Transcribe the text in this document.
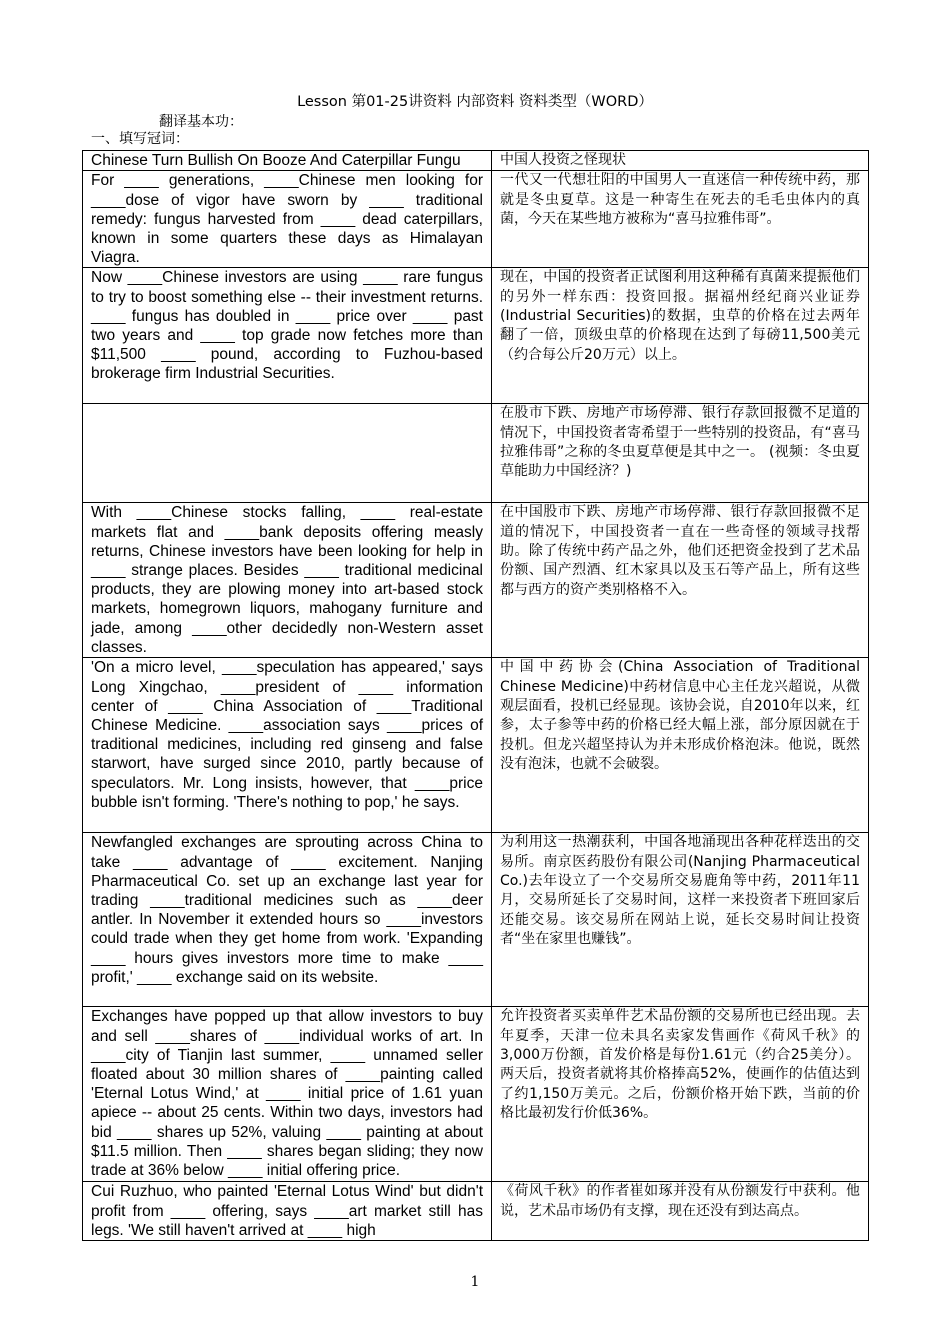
Lesson 第01-25讲资料 内部资料 资料类型（WORD）
翻译基本功：
一、填写冠词：
Chinese Turn Bullish On Booze And Caterpillar Fungu	中国人投资之怪现状
For ____ generations, ____Chinese men looking for ____dose of vigor have sworn by ____ traditional remedy: fungus harvested from ____ dead caterpillars, known in some quarters these days as Himalayan Viagra.	一代又一代想壮阳的中国男人一直迷信一种传统中药，那就是冬虫夏草。这是一种寄生在死去的毛毛虫体内的真菌，今天在某些地方被称为“喜马拉雅伟哥”。
Now ____Chinese investors are using ____ rare fungus to try to boost something else -- their investment returns. ____ fungus has doubled in ____ price over ____ past two years and ____ top grade now fetches more than $11,500 ____ pound, according to Fuzhou-based brokerage firm Industrial Securities.	现在，中国的投资者正试图利用这种稀有真菌来提振他们的另外一样东西：投资回报。据福州经纪商兴业证券(Industrial Securities)的数据，虫草的价格在过去两年翻了一倍，顶级虫草的价格现在达到了每磅11,500美元（约合每公斤20万元）以上。
	在股市下跌、房地产市场停滞、银行存款回报微不足道的情况下，中国投资者寄希望于一些特别的投资品，有“喜马拉雅伟哥”之称的冬虫夏草便是其中之一。 (视频：冬虫夏草能助力中国经济？)
With ____Chinese stocks falling, ____ real-estate markets flat and ____bank deposits offering measly returns, Chinese investors have been looking for help in ____ strange places. Besides ____ traditional medicinal products, they are plowing money into art-based stock markets, homegrown liquors, mahogany furniture and jade, among ____other decidedly non-Western asset classes.	在中国股市下跌、房地产市场停滞、银行存款回报微不足道的情况下，中国投资者一直在一些奇怪的领域寻找帮助。除了传统中药产品之外，他们还把资金投到了艺术品份额、国产烈酒、红木家具以及玉石等产品上，所有这些都与西方的资产类别格格不入。
'On a micro level, ____speculation has appeared,' says Long Xingchao, ____president of ____ information center of ____ China Association of ____Traditional Chinese Medicine. ____association says ____prices of traditional medicines, including red ginseng and false starwort, have surged since 2010, partly because of speculators. Mr. Long insists, however, that ____price bubble isn't forming. 'There's nothing to pop,' he says.	中国中药协会(China Association of Traditional Chinese Medicine)中药材信息中心主任龙兴超说，从微观层面看，投机已经显现。该协会说，自2010年以来，红参，太子参等中药的价格已经大幅上涨，部分原因就在于投机。但龙兴超坚持认为并未形成价格泡沫。他说，既然没有泡沫，也就不会破裂。
Newfangled exchanges are sprouting across China to take ____ advantage of ____ excitement. Nanjing Pharmaceutical Co. set up an exchange last year for trading ____traditional medicines such as ____deer antler. In November it extended hours so ____investors could trade when they get home from work. 'Expanding ____ hours gives investors more time to make ____ profit,' ____ exchange said on its website.	为利用这一热潮获利，中国各地涌现出各种花样迭出的交易所。南京医药股份有限公司(Nanjing Pharmaceutical Co.)去年设立了一个交易所交易鹿角等中药，2011年11月，交易所延长了交易时间，这样一来投资者下班回家后还能交易。该交易所在网站上说，延长交易时间让投资者“坐在家里也赚钱”。
Exchanges have popped up that allow investors to buy and sell ____shares of ____individual works of art. In ____city of Tianjin last summer, ____ unnamed seller floated about 30 million shares of ____painting called 'Eternal Lotus Wind,' at ____ initial price of 1.61 yuan apiece -- about 25 cents. Within two days, investors had bid ____ shares up 52%, valuing ____ painting at about $11.5 million. Then ____ shares began sliding; they now trade at 36% below ____ initial offering price.	允许投资者买卖单件艺术品份额的交易所也已经出现。去年夏季，天津一位未具名卖家发售画作《荷风千秋》的3,000万份额，首发价格是每份1.61元（约合25美分）。两天后，投资者就将其价格捧高52%，使画作的估值达到了约1,150万美元。之后，份额价格开始下跌，当前的价格比最初发行价低36%。
Cui Ruzhuo, who painted 'Eternal Lotus Wind' but didn't profit from ____ offering, says ____art market still has legs. 'We still haven't arrived at ____ high	《荷风千秋》的作者崔如琢并没有从份额发行中获利。他说，艺术品市场仍有支撑，现在还没有到达高点。
1
